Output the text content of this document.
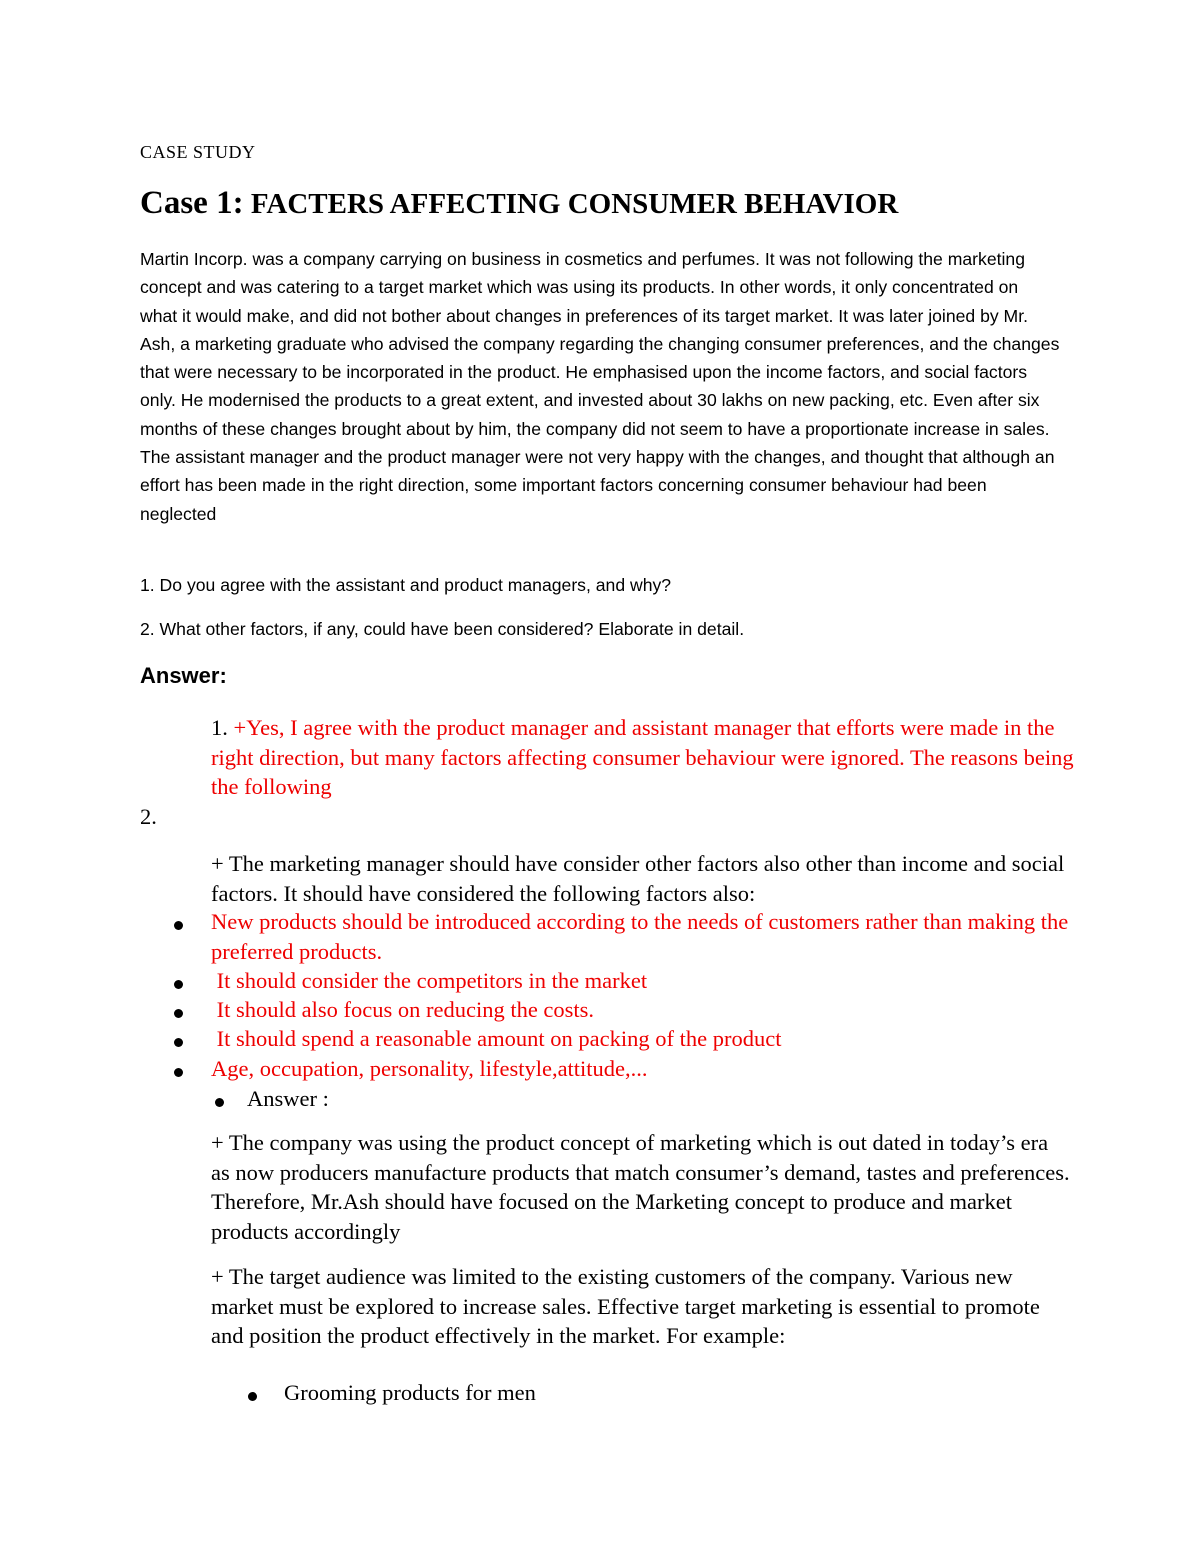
CASE STUDY
Case 1: FACTERS AFFECTING CONSUMER BEHAVIOR

Martin Incorp. was a company carrying on business in cosmetics and perfumes. It was not following the marketing concept and was catering to a target market which was using its products. In other words, it only concentrated on what it would make, and did not bother about changes in preferences of its target market. It was later joined by Mr. Ash, a marketing graduate who advised the company regarding the changing consumer preferences, and the changes that were necessary to be incorporated in the product. He emphasised upon the income factors, and social factors only. He modernised the products to a great extent, and invested about 30 lakhs on new packing, etc. Even after six months of these changes brought about by him, the company did not seem to have a proportionate increase in sales. The assistant manager and the product manager were not very happy with the changes, and thought that although an effort has been made in the right direction, some important factors concerning consumer behaviour had been neglected

1. Do you agree with the assistant and product managers, and why?
2. What other factors, if any, could have been considered? Elaborate in detail.
Answer:

1. +Yes, I agree with the product manager and assistant manager that efforts were made in the right direction, but many factors affecting consumer behaviour were ignored. The reasons being the following

2.

+ The marketing manager should have consider other factors also other than income and social factors. It should have considered the following factors also:

New products should be introduced according to the needs of customers rather than making the preferred products.
It should consider the competitors in the market
It should also focus on reducing the costs.
It should spend a reasonable amount on packing of the product
Age, occupation, personality, lifestyle,attitude,...
Answer :

+ The company was using the product concept of marketing which is out dated in today’s era as now producers manufacture products that match consumer’s demand, tastes and preferences. Therefore, Mr.Ash should have focused on the Marketing concept to produce and market products accordingly

+ The target audience was limited to the existing customers of the company. Various new market must be explored to increase sales. Effective target marketing is essential to promote and position the product effectively in the market. For example:

Grooming products for men
